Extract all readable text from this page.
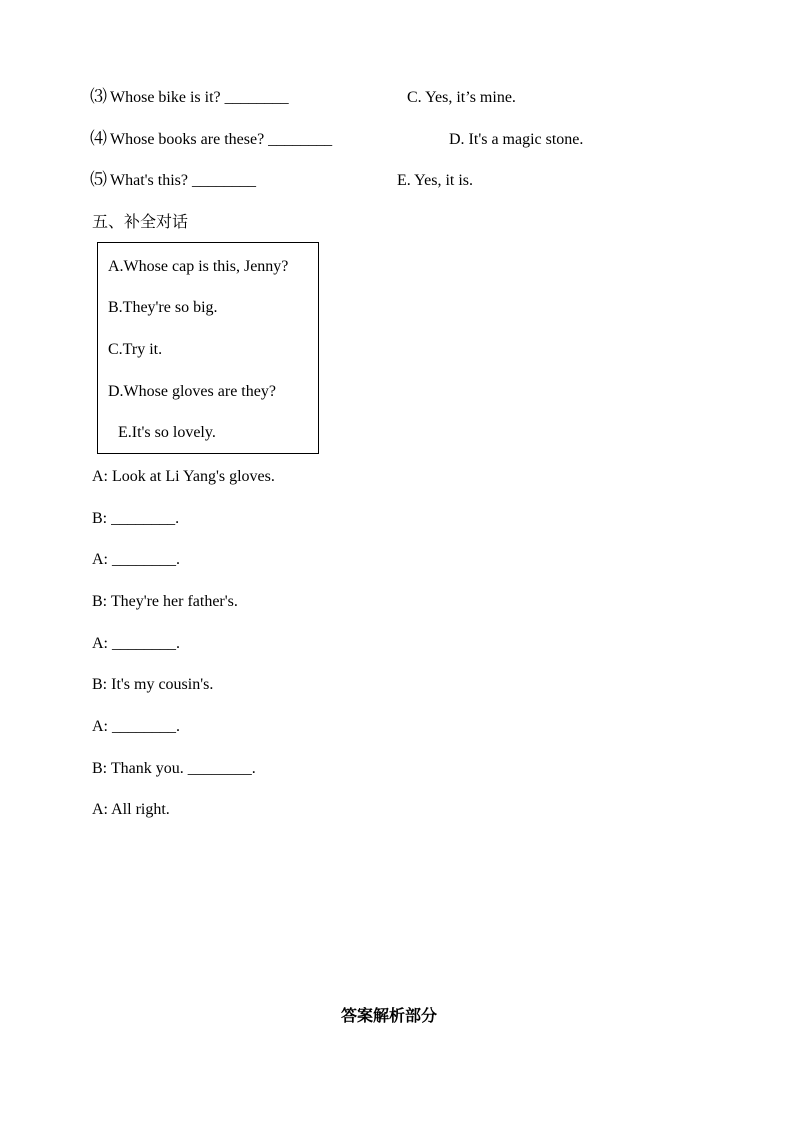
⑶ Whose bike is it? ________	C. Yes, it’s mine.
⑷ Whose books are these? ________	D. It's a magic stone.
⑸ What's this? ________	E. Yes, it is.
五、补全对话
A.Whose cap is this, Jenny?
B.They're so big.
C.Try it.
D.Whose gloves are they?
E.It's so lovely.
A: Look at Li Yang's gloves.
B: ________.
A: ________.
B: They're her father's.
A: ________.
B: It's my cousin's.
A: ________.
B: Thank you. ________.
A: All right.
答案解析部分
